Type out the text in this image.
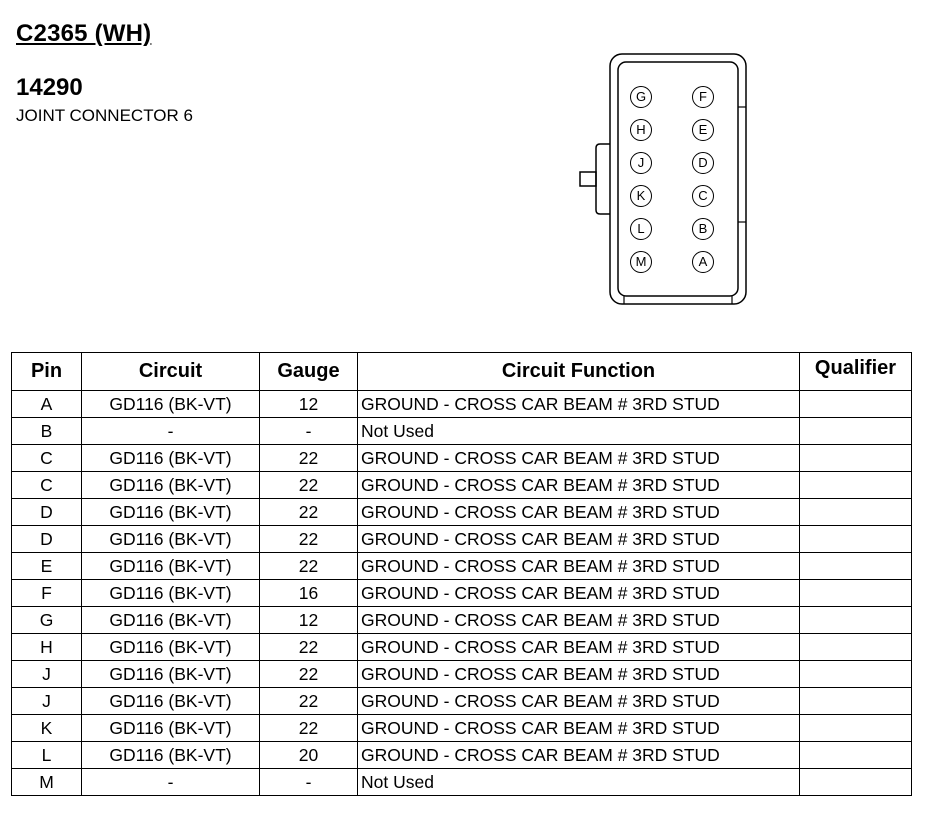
C2365 (WH)
14290
JOINT CONNECTOR 6
G
H
J
K
L
M
F
E
D
C
B
A
Pin	Circuit	Gauge	Circuit Function	Qualifier
A	GD116 (BK-VT)	12	GROUND - CROSS CAR BEAM # 3RD STUD	
B	-	-	Not Used	
C	GD116 (BK-VT)	22	GROUND - CROSS CAR BEAM # 3RD STUD	
C	GD116 (BK-VT)	22	GROUND - CROSS CAR BEAM # 3RD STUD	
D	GD116 (BK-VT)	22	GROUND - CROSS CAR BEAM # 3RD STUD	
D	GD116 (BK-VT)	22	GROUND - CROSS CAR BEAM # 3RD STUD	
E	GD116 (BK-VT)	22	GROUND - CROSS CAR BEAM # 3RD STUD	
F	GD116 (BK-VT)	16	GROUND - CROSS CAR BEAM # 3RD STUD	
G	GD116 (BK-VT)	12	GROUND - CROSS CAR BEAM # 3RD STUD	
H	GD116 (BK-VT)	22	GROUND - CROSS CAR BEAM # 3RD STUD	
J	GD116 (BK-VT)	22	GROUND - CROSS CAR BEAM # 3RD STUD	
J	GD116 (BK-VT)	22	GROUND - CROSS CAR BEAM # 3RD STUD	
K	GD116 (BK-VT)	22	GROUND - CROSS CAR BEAM # 3RD STUD	
L	GD116 (BK-VT)	20	GROUND - CROSS CAR BEAM # 3RD STUD	
M	-	-	Not Used	
